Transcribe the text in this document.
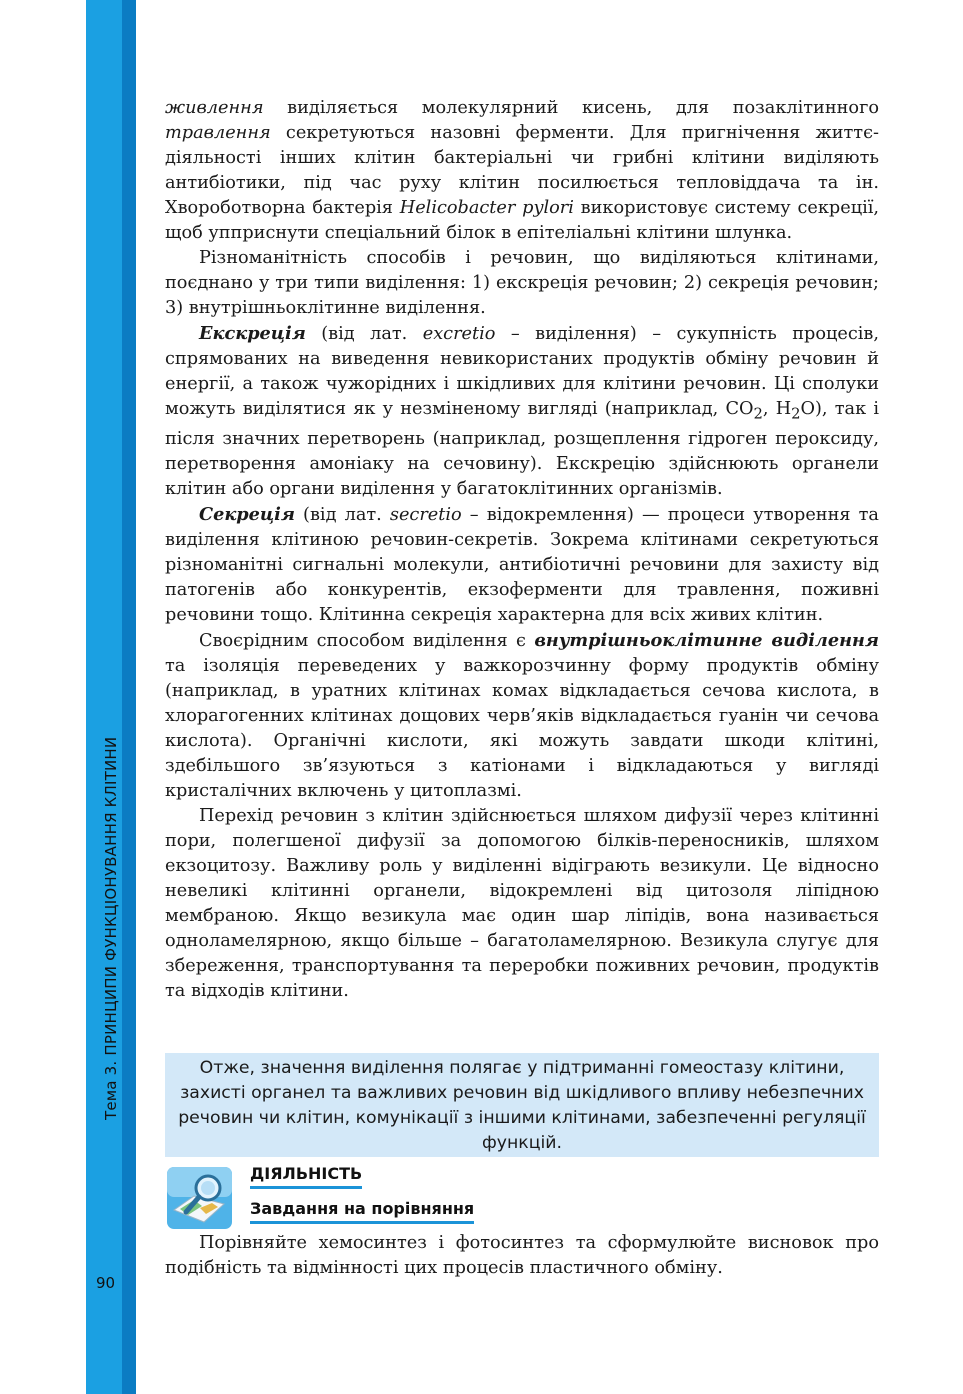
Тема 3. ПРИНЦИПИ ФУНКЦІОНУВАННЯ КЛІТИНИ
90

живлення виділяється молекулярний кисень, для позаклітинного травлення секретуються назовні ферменти. Для пригнічення життєдіяльності інших клітин бактеріальні чи грибні клітини виділяють антибіотики, під час руху клітин посилюється тепловіддача та ін. Хвороботворна бактерія Helicobacter pylori використовує систему секреції, щоб упприснути спеціальний білок в епітеліальні клітини шлунка.

Різноманітність способів і речовин, що виділяються клітинами, поєднано у три типи виділення: 1) екскреція речовин; 2) секреція речовин; 3) внутрішньоклітинне виділення.

Екскреція (від лат. excretio – виділення) – сукупність процесів, спрямованих на виведення невикористаних продуктів обміну речовин й енергії, а також чужорідних і шкідливих для клітини речовин. Ці сполуки можуть виділятися як у незміненому вигляді (наприклад, $CO_2$, $H_2O$), так і після значних перетворень (наприклад, розщеплення гідроген пероксиду, перетворення амоніаку на сечовину). Екскрецію здійснюють органели клітин або органи виділення у багатоклітинних організмів.

Секреція (від лат. secretio – відокремлення) — процеси утворення та виділення клітиною речовин-секретів. Зокрема клітинами секретуються різноманітні сигнальні молекули, антибіотичні речовини для захисту від патогенів або конкурентів, екзоферменти для травлення, поживні речовини тощо. Клітинна секреція характерна для всіх живих клітин.

Своєрідним способом виділення є внутрішньоклітинне виділення та ізоляція переведених у важкорозчинну форму продуктів обміну (наприклад, в уратних клітинах комах відкладається сечова кислота, в хлорагогенних клітинах дощових черв’яків відкладається гуанін чи сечова кислота). Органічні кислоти, які можуть завдати шкоди клітині, здебільшого зв’язуються з катіонами і відкладаються у вигляді кристалічних включень у цитоплазмі.

Перехід речовин з клітин здійснюється шляхом дифузії через клітинні пори, полегшеної дифузії за допомогою білків-переносників, шляхом екзоцитозу. Важливу роль у виділенні відіграють везикули. Це відносно невеликі клітинні органели, відокремлені від цитозоля ліпідною мембраною. Якщо везикула має один шар ліпідів, вона називається одноламелярною, якщо більше – багатоламелярною. Везикула слугує для збереження, транспортування та переробки поживних речовин, продуктів та відходів клітини.

Отже, значення виділення полягає у підтриманні гомеостазу клітини, захисті органел та важливих речовин від шкідливого впливу небезпечних речовин чи клітин, комунікації з іншими клітинами, забезпеченні регуляції функцій.
ДІЯЛЬНІСТЬ
Завдання на порівняння
Порівняйте хемосинтез і фотосинтез та сформулюйте висновок про подібність та відмінності цих процесів пластичного обміну.
